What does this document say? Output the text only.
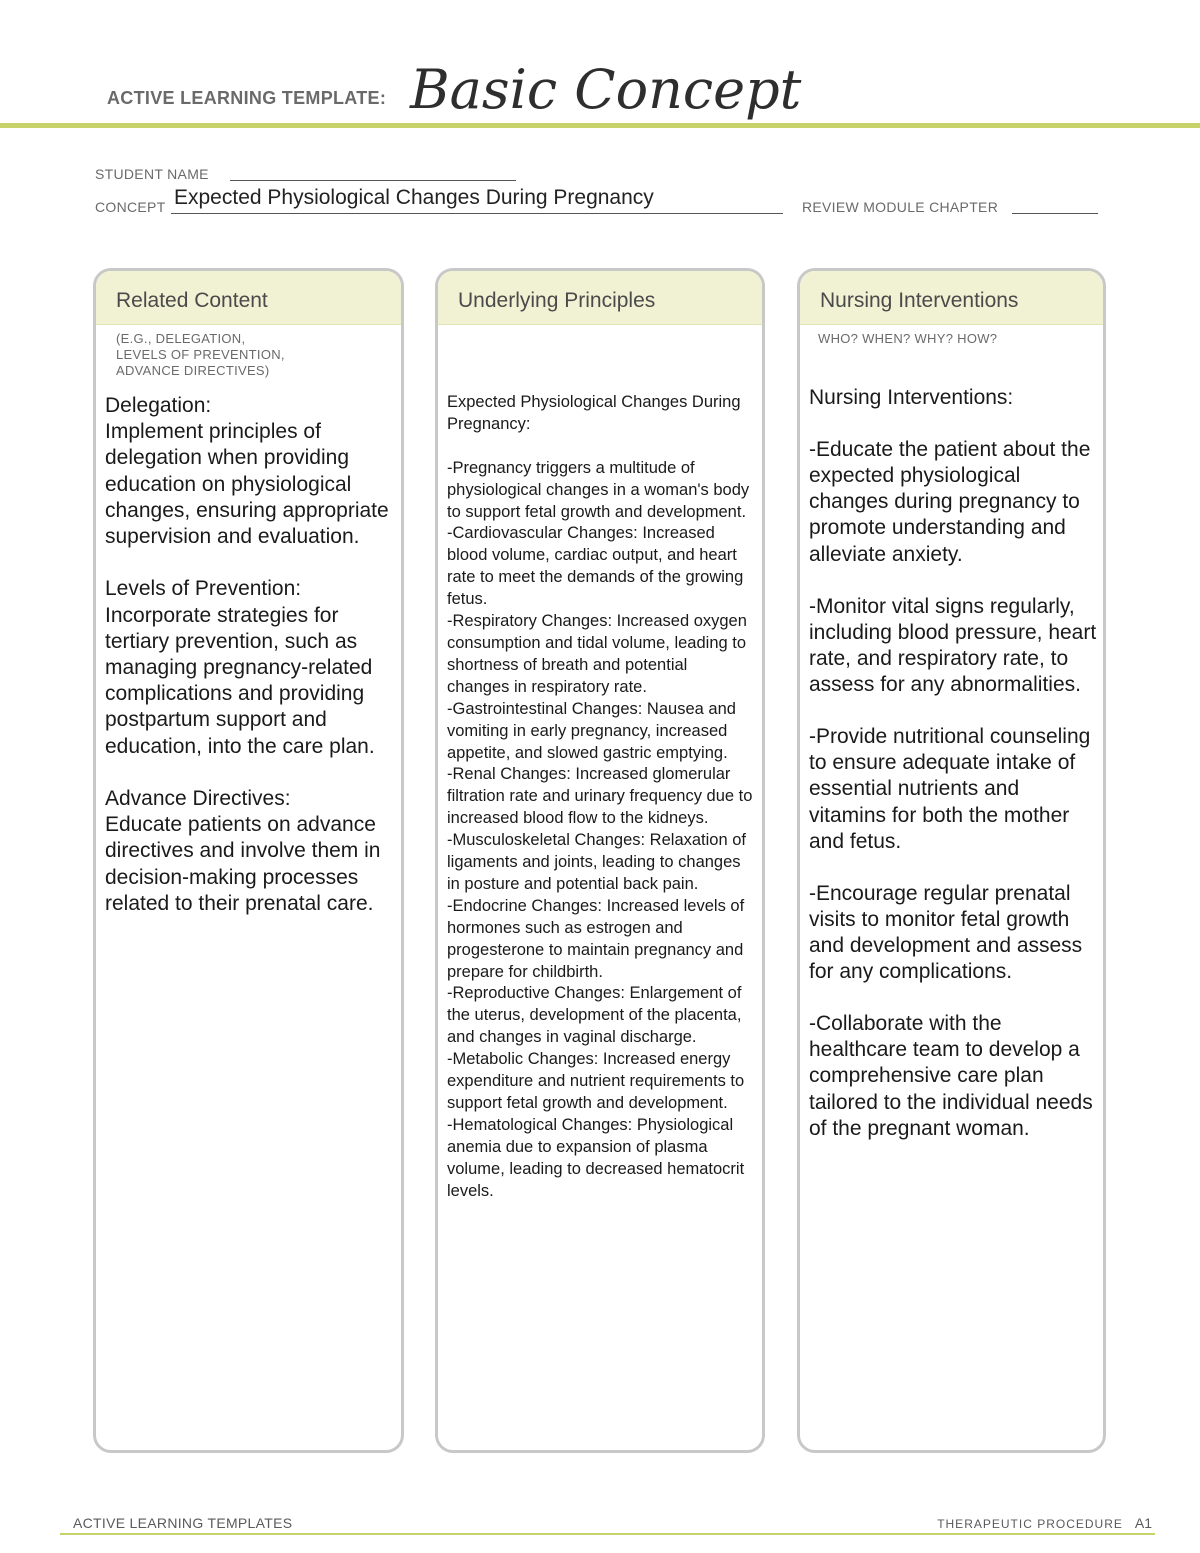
ACTIVE LEARNING TEMPLATE: Basic Concept
STUDENT NAME
CONCEPT Expected Physiological Changes During Pregnancy	REVIEW MODULE CHAPTER
Related Content
(E.G., DELEGATION,
LEVELS OF PREVENTION,
ADVANCE DIRECTIVES)
Delegation:
Implement principles of delegation when providing education on physiological changes, ensuring appropriate supervision and evaluation.

Levels of Prevention:
Incorporate strategies for tertiary prevention, such as managing pregnancy-related complications and providing postpartum support and education, into the care plan.

Advance Directives:
Educate patients on advance directives and involve them in decision-making processes related to their prenatal care.
Underlying Principles
Expected Physiological Changes During Pregnancy:

-Pregnancy triggers a multitude of physiological changes in a woman's body to support fetal growth and development.
-Cardiovascular Changes: Increased blood volume, cardiac output, and heart rate to meet the demands of the growing fetus.
-Respiratory Changes: Increased oxygen consumption and tidal volume, leading to shortness of breath and potential changes in respiratory rate.
-Gastrointestinal Changes: Nausea and vomiting in early pregnancy, increased appetite, and slowed gastric emptying.
-Renal Changes: Increased glomerular filtration rate and urinary frequency due to increased blood flow to the kidneys.
-Musculoskeletal Changes: Relaxation of ligaments and joints, leading to changes in posture and potential back pain.
-Endocrine Changes: Increased levels of hormones such as estrogen and progesterone to maintain pregnancy and prepare for childbirth.
-Reproductive Changes: Enlargement of the uterus, development of the placenta, and changes in vaginal discharge.
-Metabolic Changes: Increased energy expenditure and nutrient requirements to support fetal growth and development.
-Hematological Changes: Physiological anemia due to expansion of plasma volume, leading to decreased hematocrit levels.
Nursing Interventions
WHO? WHEN? WHY? HOW?
Nursing Interventions:

-Educate the patient about the expected physiological changes during pregnancy to promote understanding and alleviate anxiety.

-Monitor vital signs regularly, including blood pressure, heart rate, and respiratory rate, to assess for any abnormalities.

-Provide nutritional counseling to ensure adequate intake of essential nutrients and vitamins for both the mother and fetus.

-Encourage regular prenatal visits to monitor fetal growth and development and assess for any complications.

-Collaborate with the healthcare team to develop a comprehensive care plan tailored to the individual needs of the pregnant woman.
ACTIVE LEARNING TEMPLATES	THERAPEUTIC PROCEDURE A1
